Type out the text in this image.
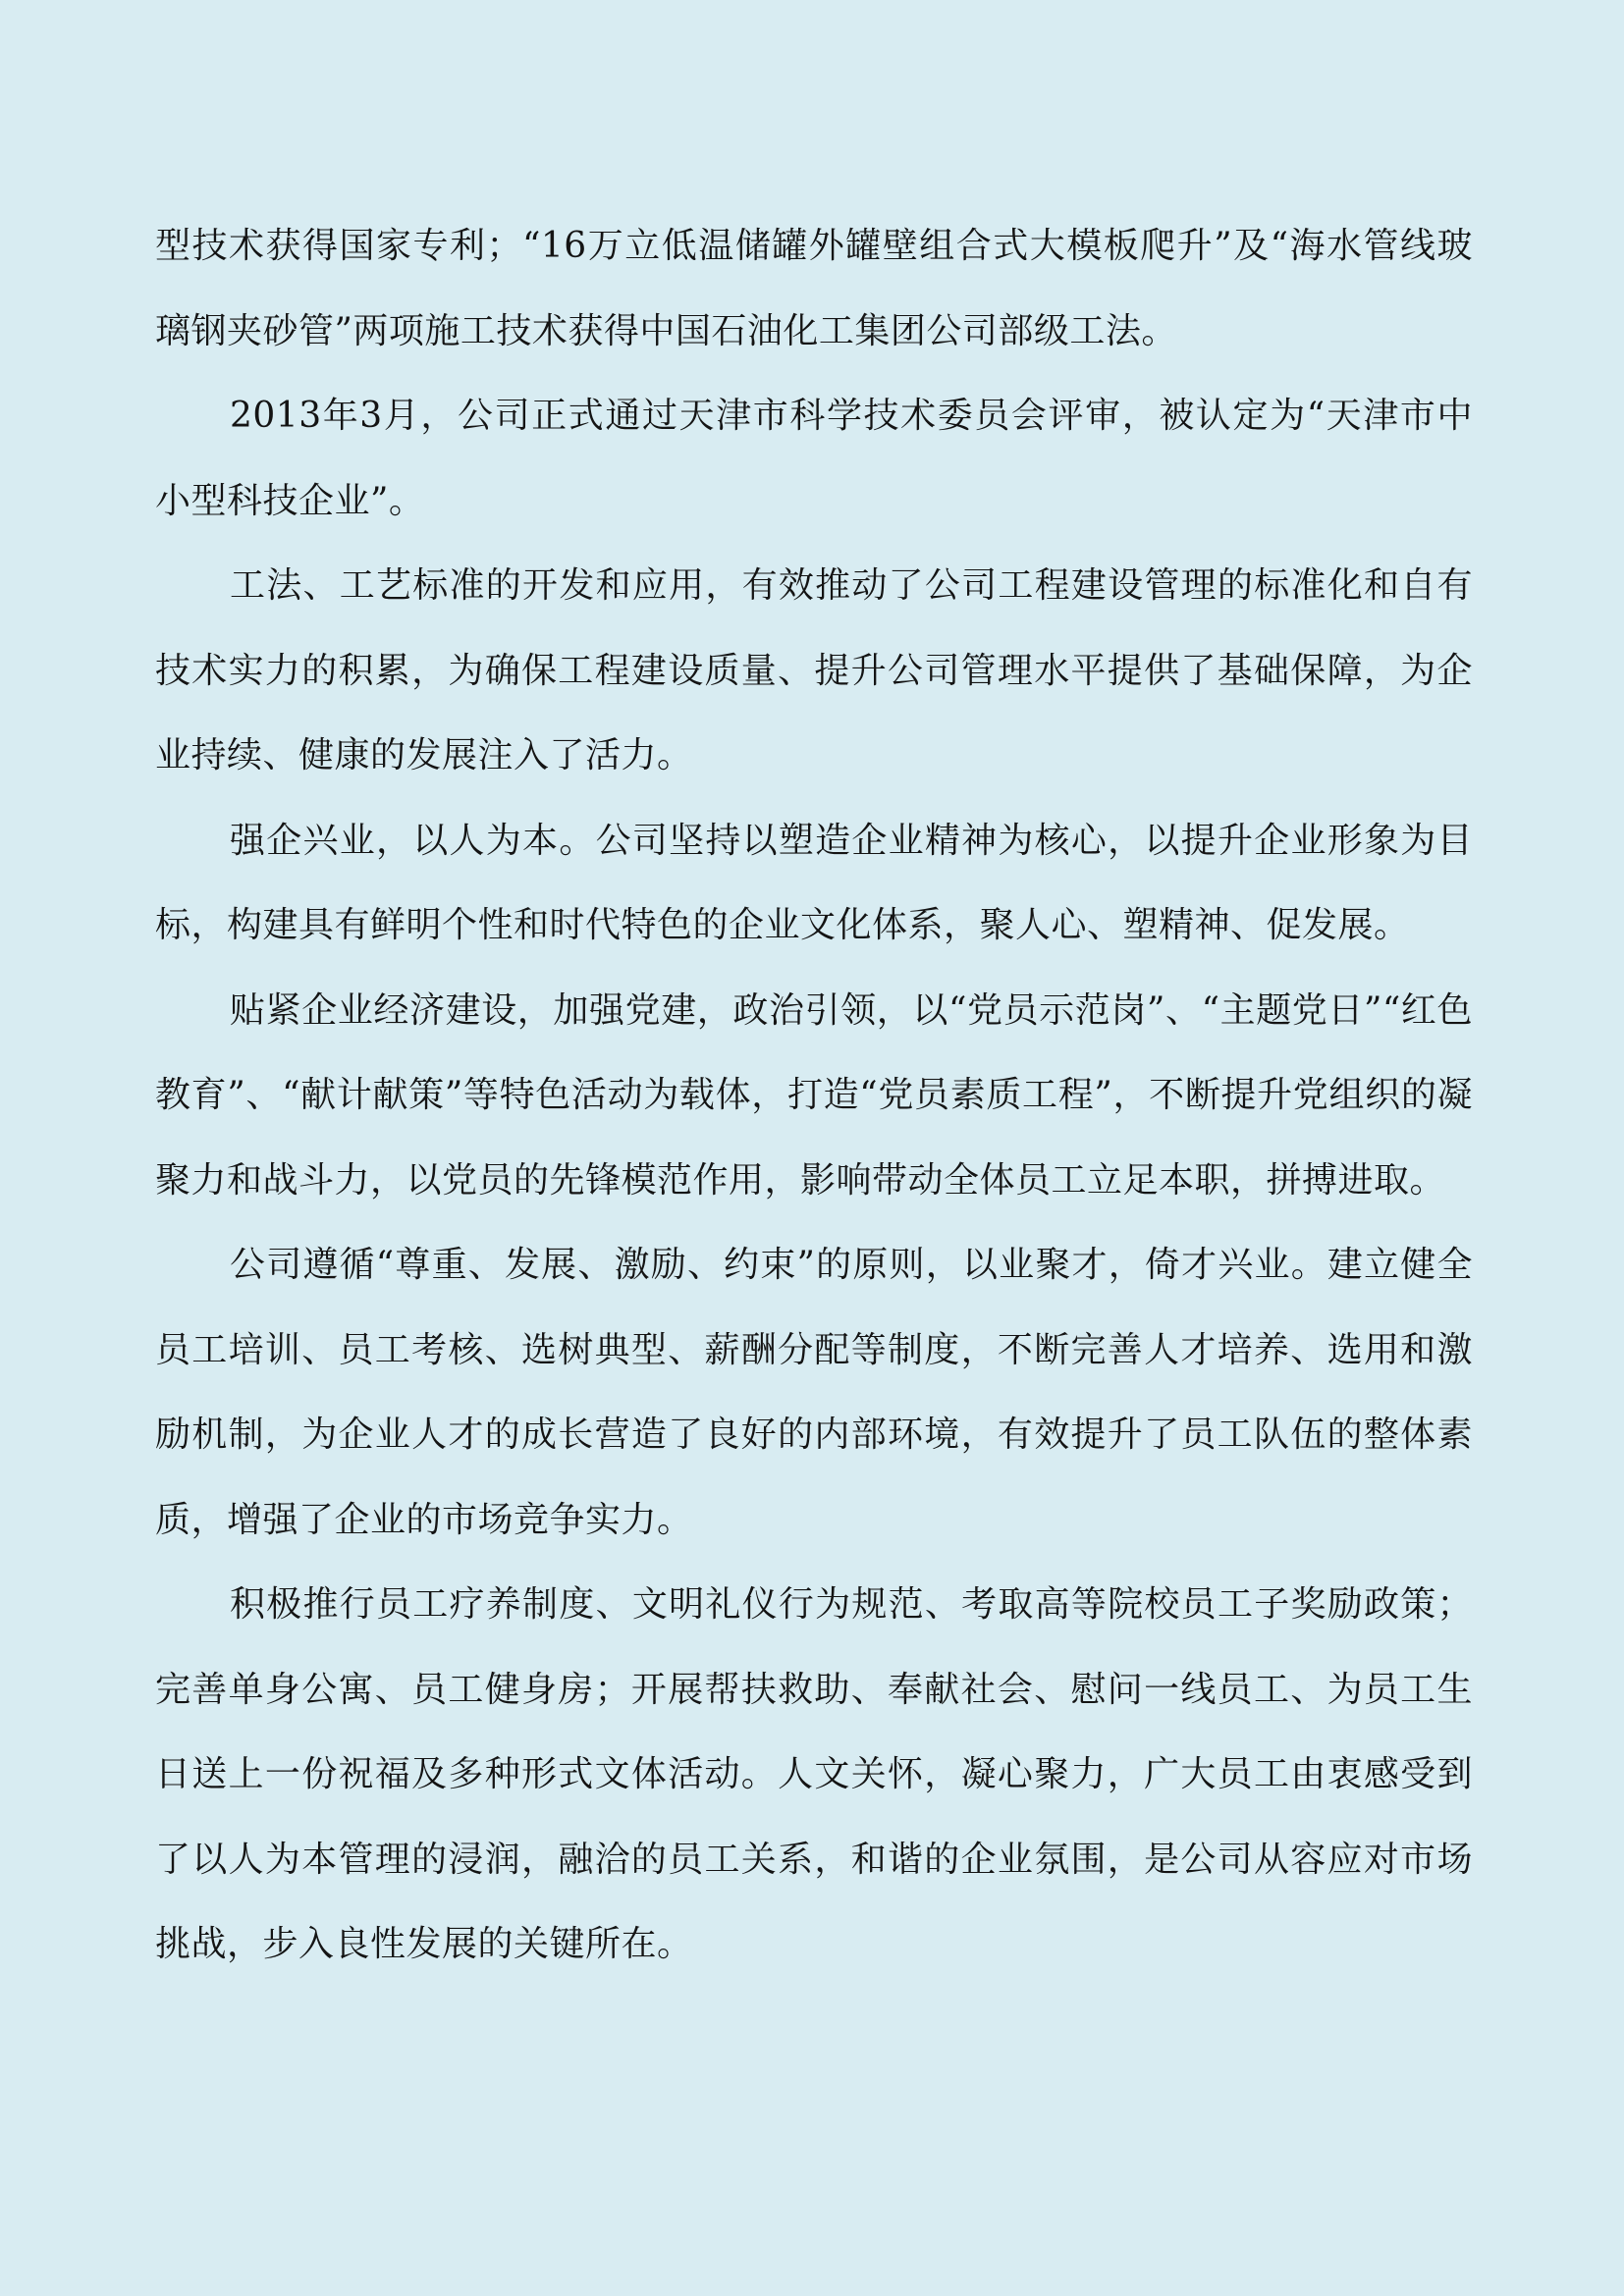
型技术获得国家专利；“16万立低温储罐外罐壁组合式大模板爬升”及“海水管线玻璃钢夹砂管”两项施工技术获得中国石油化工集团公司部级工法。

2013年3月，公司正式通过天津市科学技术委员会评审，被认定为“天津市中小型科技企业”。

工法、工艺标准的开发和应用，有效推动了公司工程建设管理的标准化和自有技术实力的积累，为确保工程建设质量、提升公司管理水平提供了基础保障，为企业持续、健康的发展注入了活力。

强企兴业，以人为本。公司坚持以塑造企业精神为核心，以提升企业形象为目标，构建具有鲜明个性和时代特色的企业文化体系，聚人心、塑精神、促发展。

贴紧企业经济建设，加强党建，政治引领，以“党员示范岗”、“主题党日”“红色教育”、“献计献策”等特色活动为载体，打造“党员素质工程”，不断提升党组织的凝聚力和战斗力，以党员的先锋模范作用，影响带动全体员工立足本职，拼搏进取。

公司遵循“尊重、发展、激励、约束”的原则，以业聚才，倚才兴业。建立健全员工培训、员工考核、选树典型、薪酬分配等制度，不断完善人才培养、选用和激励机制，为企业人才的成长营造了良好的内部环境，有效提升了员工队伍的整体素质，增强了企业的市场竞争实力。

积极推行员工疗养制度、文明礼仪行为规范、考取高等院校员工子奖励政策；完善单身公寓、员工健身房；开展帮扶救助、奉献社会、慰问一线员工、为员工生日送上一份祝福及多种形式文体活动。人文关怀，凝心聚力，广大员工由衷感受到了以人为本管理的浸润，融洽的员工关系，和谐的企业氛围，是公司从容应对市场挑战，步入良性发展的关键所在。
